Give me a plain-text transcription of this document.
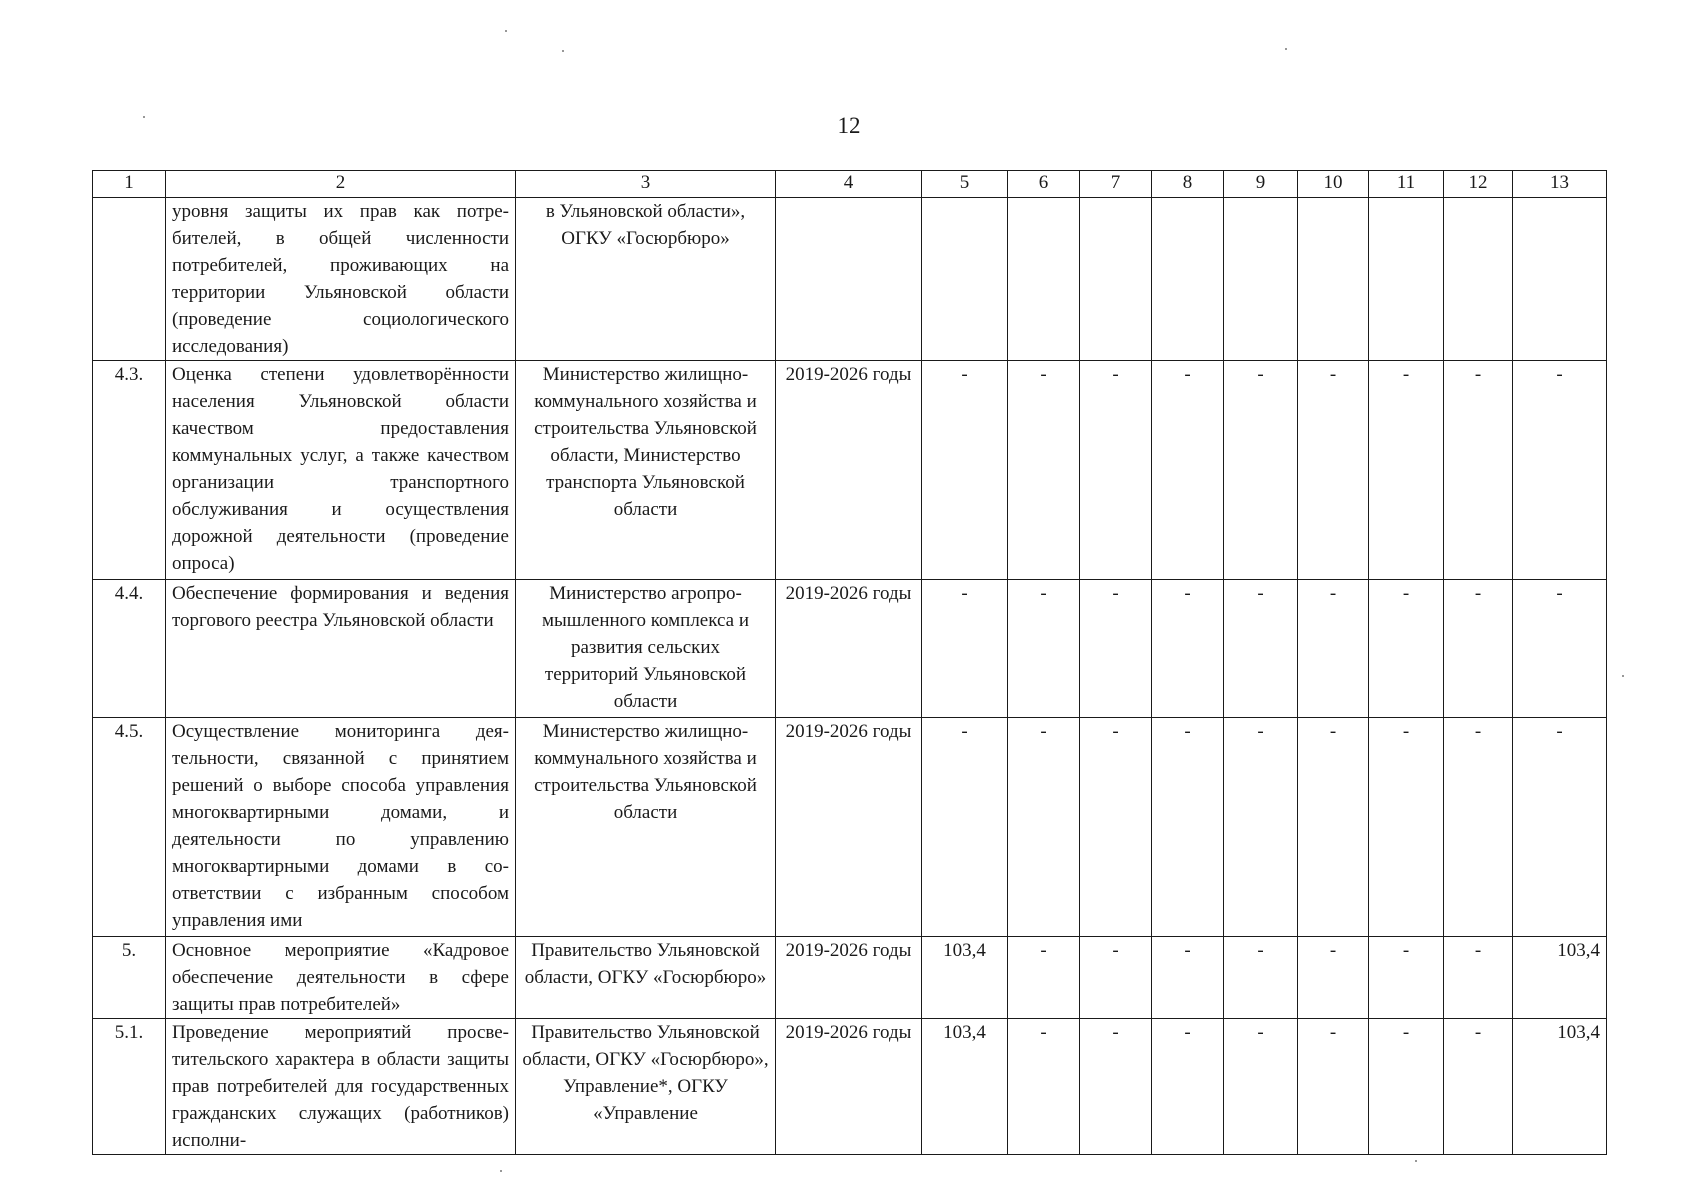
12
1	2	3	4	5	6	7	8	9	10	11	12	13
	уровня защиты их прав как потребителей, в общей численности потребителей, проживающих на территории Ульяновской области (проведение социологического исследования)	в Ульяновской области», ОГКУ «Госюрбюро»										
4.3.	Оценка степени удовлетворённости населения Ульяновской области качеством предоставления коммунальных услуг, а также качеством организации транспортного обслуживания и осуществления дорожной деятельности (проведение опроса)	Министерство жилищно-коммунального хозяйства и строительства Ульяновской области, Министерство транспорта Ульяновской области	2019-2026 годы	-	-	-	-	-	-	-	-	-
4.4.	Обеспечение формирования и ведения торгового реестра Ульяновской области	Министерство агропромышленного комплекса и развития сельских территорий Ульяновской области	2019-2026 годы	-	-	-	-	-	-	-	-	-
4.5.	Осуществление мониторинга деятельности, связанной с принятием решений о выборе способа управления многоквартирными домами, и деятельности по управлению многоквартирными домами в соответствии с избранным способом управления ими	Министерство жилищно-коммунального хозяйства и строительства Ульяновской области	2019-2026 годы	-	-	-	-	-	-	-	-	-
5.	Основное мероприятие «Кадровое обеспечение деятельности в сфере защиты прав потребителей»	Правительство Ульяновской области, ОГКУ «Госюрбюро»	2019-2026 годы	103,4	-	-	-	-	-	-	-	103,4
5.1.	Проведение мероприятий просветительского характера в области защиты прав потребителей для государственных гражданских служащих (работников) исполни-	Правительство Ульяновской области, ОГКУ «Госюрбюро», Управление*, ОГКУ «Управление	2019-2026 годы	103,4	-	-	-	-	-	-	-	103,4
